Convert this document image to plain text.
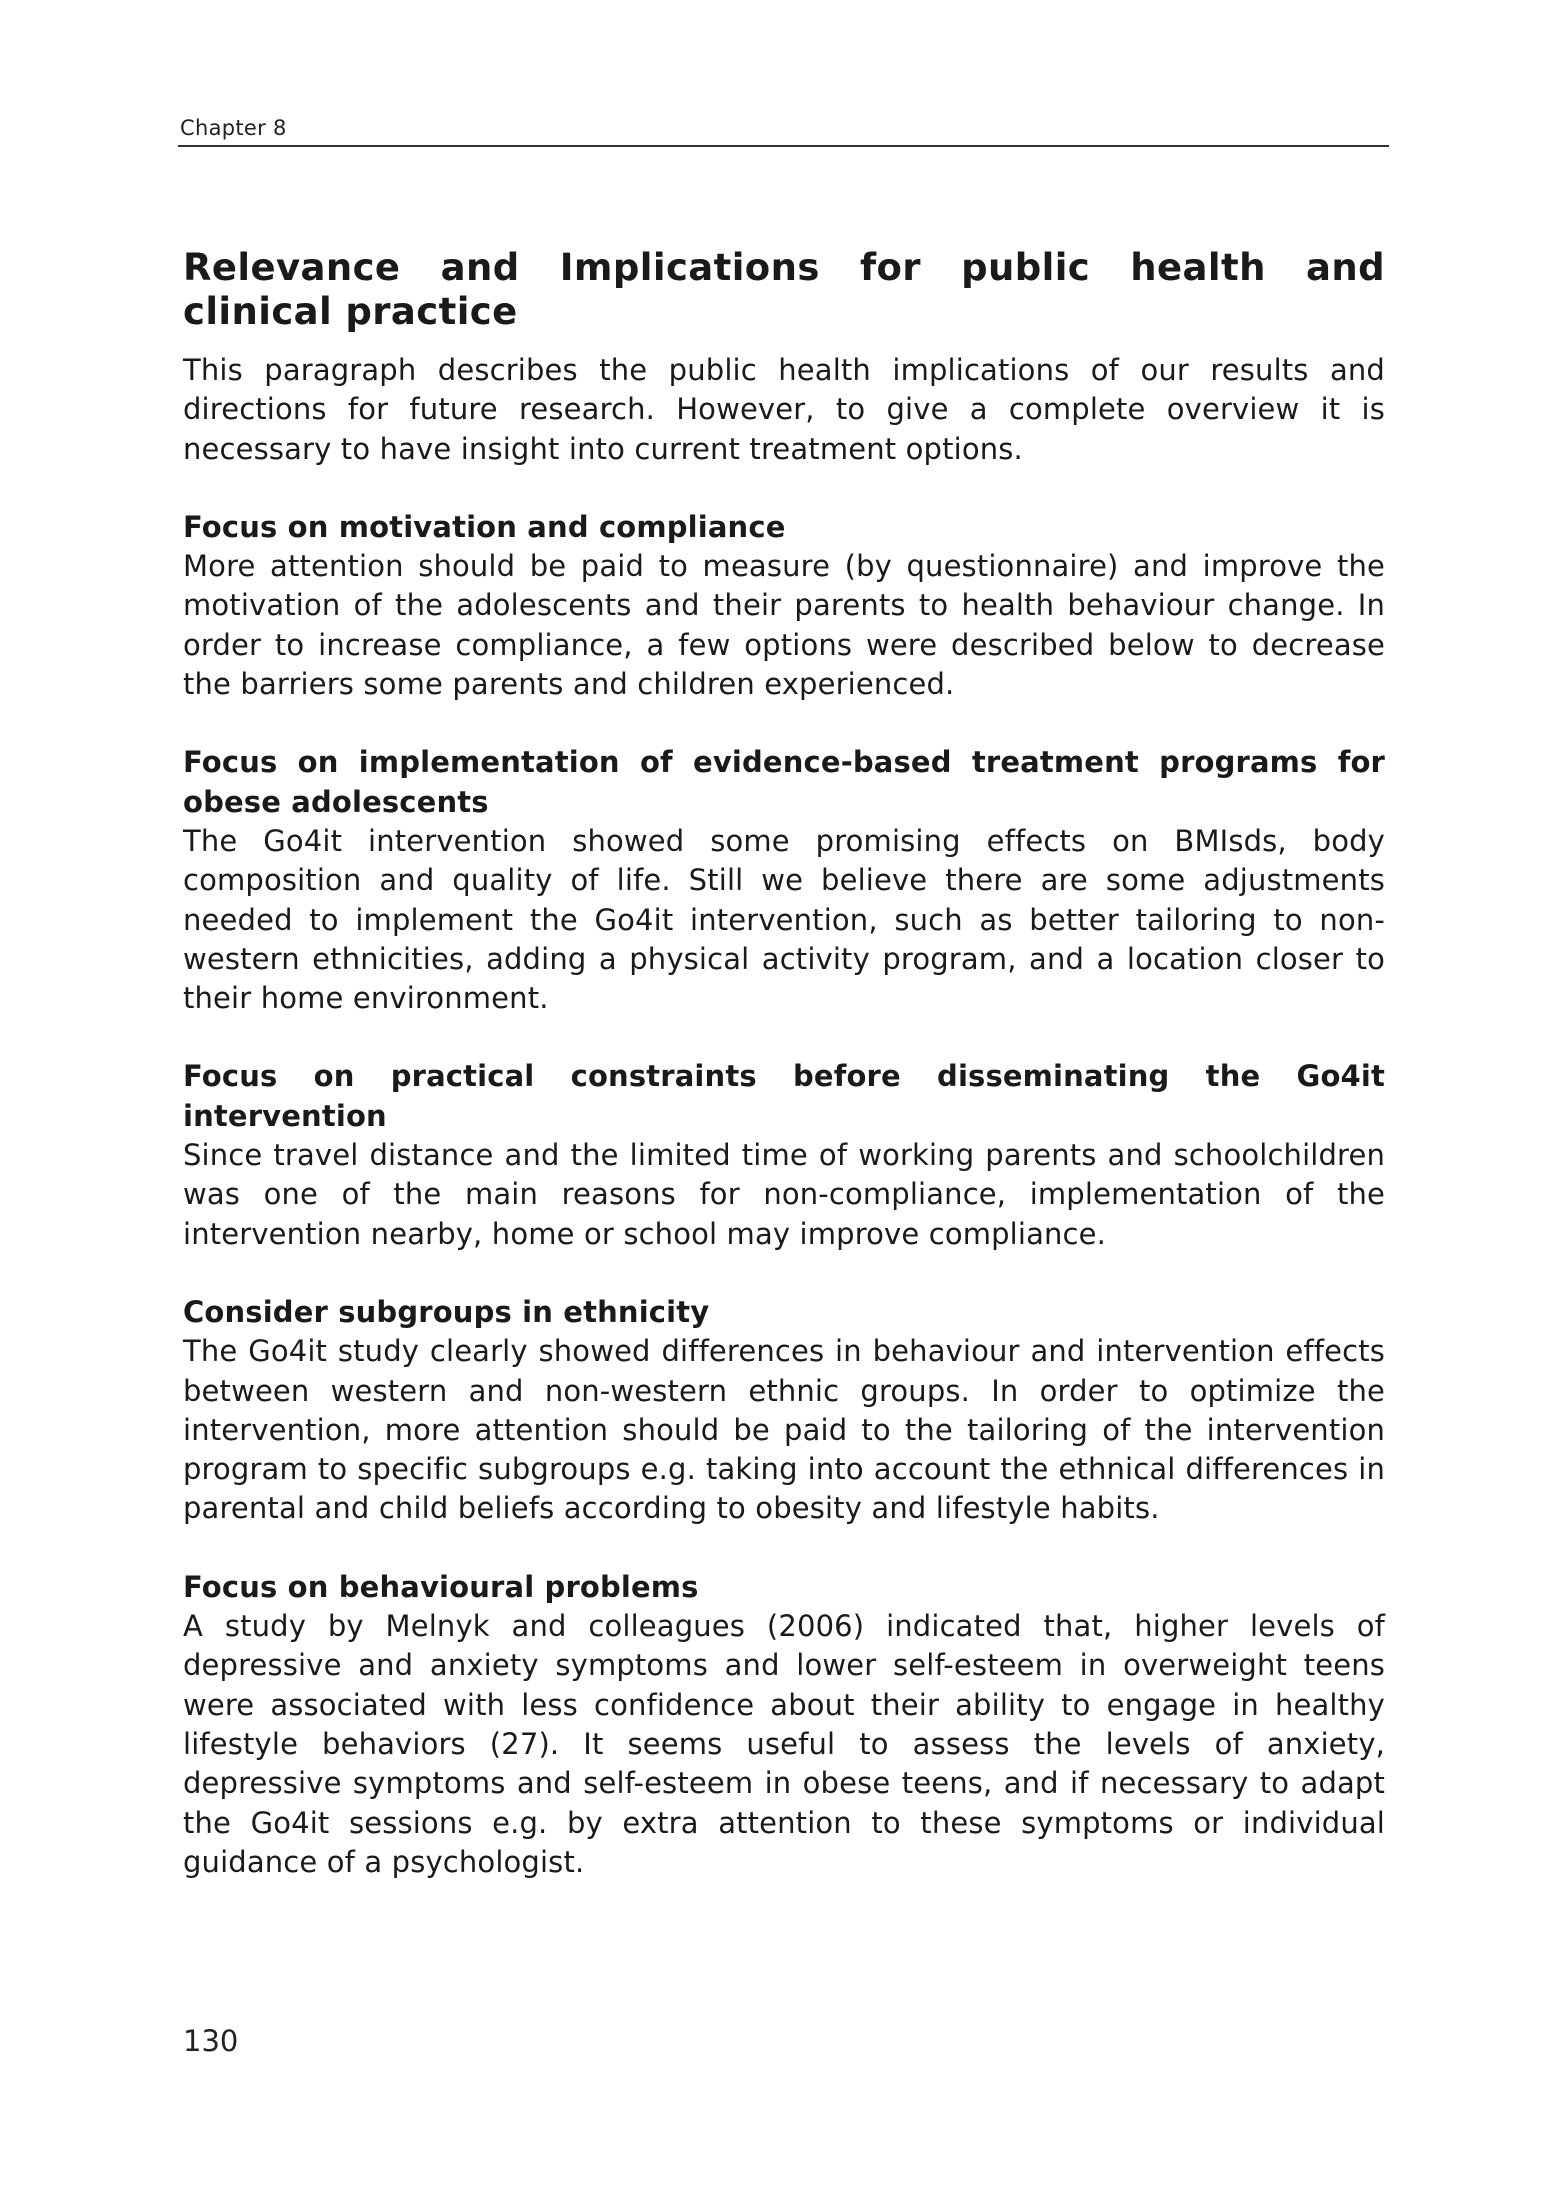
Chapter 8
Relevance and Implications for public health and clinical practice

This paragraph describes the public health implications of our results and directions for future research. However, to give a complete overview it is necessary to have insight into current treatment options.

Focus on motivation and compliance

More attention should be paid to measure (by questionnaire) and improve the motivation of the adolescents and their parents to health behaviour change. In order to increase compliance, a few options were described below to decrease the barriers some parents and children experienced.

Focus on implementation of evidence-based treatment programs for obese adolescents

The Go4it intervention showed some promising effects on BMIsds, body composition and quality of life. Still we believe there are some adjustments needed to implement the Go4it intervention, such as better tailoring to non-western ethnicities, adding a physical activity program, and a location closer to their home environment.

Focus on practical constraints before disseminating the Go4it intervention

Since travel distance and the limited time of working parents and schoolchildren was one of the main reasons for non-compliance, implementation of the intervention nearby, home or school may improve compliance.

Consider subgroups in ethnicity

The Go4it study clearly showed differences in behaviour and intervention effects between western and non-western ethnic groups. In order to optimize the intervention, more attention should be paid to the tailoring of the intervention program to specific subgroups e.g. taking into account the ethnical differences in parental and child beliefs according to obesity and lifestyle habits.

Focus on behavioural problems

A study by Melnyk and colleagues (2006) indicated that, higher levels of depressive and anxiety symptoms and lower self-esteem in overweight teens were associated with less confidence about their ability to engage in healthy lifestyle behaviors (27). It seems useful to assess the levels of anxiety, depressive symptoms and self-esteem in obese teens, and if necessary to adapt the Go4it sessions e.g. by extra attention to these symptoms or individual guidance of a psychologist.

130
